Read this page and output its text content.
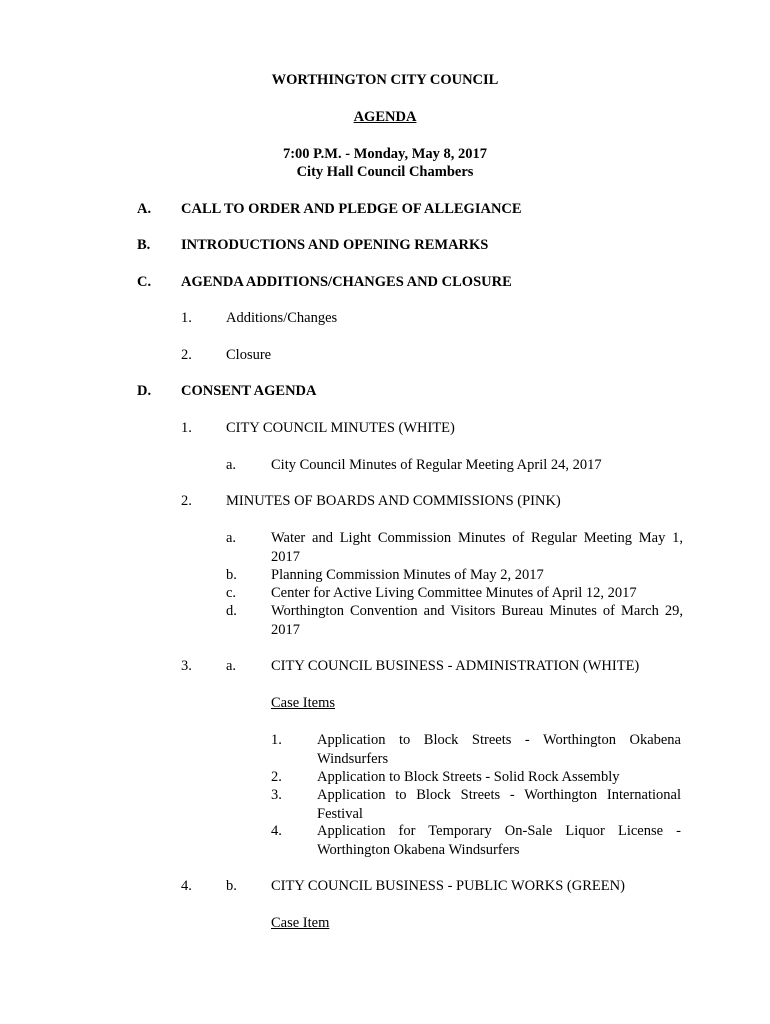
WORTHINGTON CITY COUNCIL
AGENDA
7:00 P.M. - Monday, May 8, 2017
City Hall Council Chambers
A. CALL TO ORDER AND PLEDGE OF ALLEGIANCE
B. INTRODUCTIONS AND OPENING REMARKS
C. AGENDA ADDITIONS/CHANGES AND CLOSURE
1. Additions/Changes
2. Closure
D. CONSENT AGENDA
1. CITY COUNCIL MINUTES (WHITE)
a. City Council Minutes of Regular Meeting April 24, 2017
2. MINUTES OF BOARDS AND COMMISSIONS (PINK)
a. Water and Light Commission Minutes of Regular Meeting May 1, 2017
b. Planning Commission Minutes of May 2, 2017
c. Center for Active Living Committee Minutes of April 12, 2017
d. Worthington Convention and Visitors Bureau Minutes of March 29, 2017
3. a. CITY COUNCIL BUSINESS - ADMINISTRATION (WHITE)
Case Items
1. Application to Block Streets - Worthington Okabena Windsurfers
2. Application to Block Streets - Solid Rock Assembly
3. Application to Block Streets - Worthington International Festival
4. Application for Temporary On-Sale Liquor License - Worthington Okabena Windsurfers
4. b. CITY COUNCIL BUSINESS - PUBLIC WORKS (GREEN)
Case Item
